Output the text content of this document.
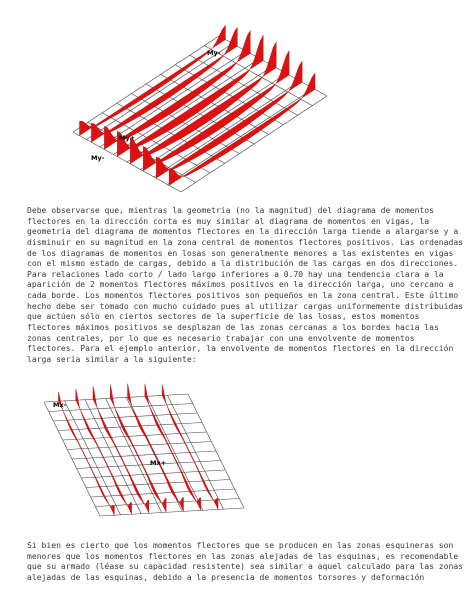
My-
My+
My-
Debe observarse que, mientras la geometría (no la magnitud) del diagrama de momentos
flectores en la dirección corta es muy similar al diagrama de momentos en vigas, la
geometría del diagrama de momentos flectores en la dirección larga tiende a alargarse y a
disminuir en su magnitud en la zona central de momentos flectores positivos. Las ordenadas
de los diagramas de momentos en losas son generalmente menores a las existentes en vigas
con el mismo estado de cargas, debido a la distribución de las cargas en dos direcciones.
Para relaciones lado corto / lado largo inferiores a 0.70 hay una tendencia clara a la
aparición de 2 momentos flectores máximos positivos en la dirección larga, uno cercano a
cada borde. Los momentos flectores positivos son pequeños en la zona central. Este último
hecho debe ser tomado con mucho cuidado pues al utilizar cargas uniformemente distribuidas
que actúen sólo en ciertos sectores de la superficie de las losas, estos momentos
flectores máximos positivos se desplazan de las zonas cercanas a los bordes hacia las
zonas centrales, por lo que es necesario trabajar con una envolvente de momentos
flectores. Para el ejemplo anterior, la envolvente de momentos flectores en la dirección
larga sería similar a la siguiente:
Mx-
Mx+
Si bien es cierto que los momentos flectores que se producen en las zonas esquineras son
menores que los momentos flectores en las zonas alejadas de las esquinas, es recomendable
que su armado (léase su capacidad resistente) sea similar a aquel calculado para las zonas
alejadas de las esquinas, debido a la presencia de momentos torsores y deformación
